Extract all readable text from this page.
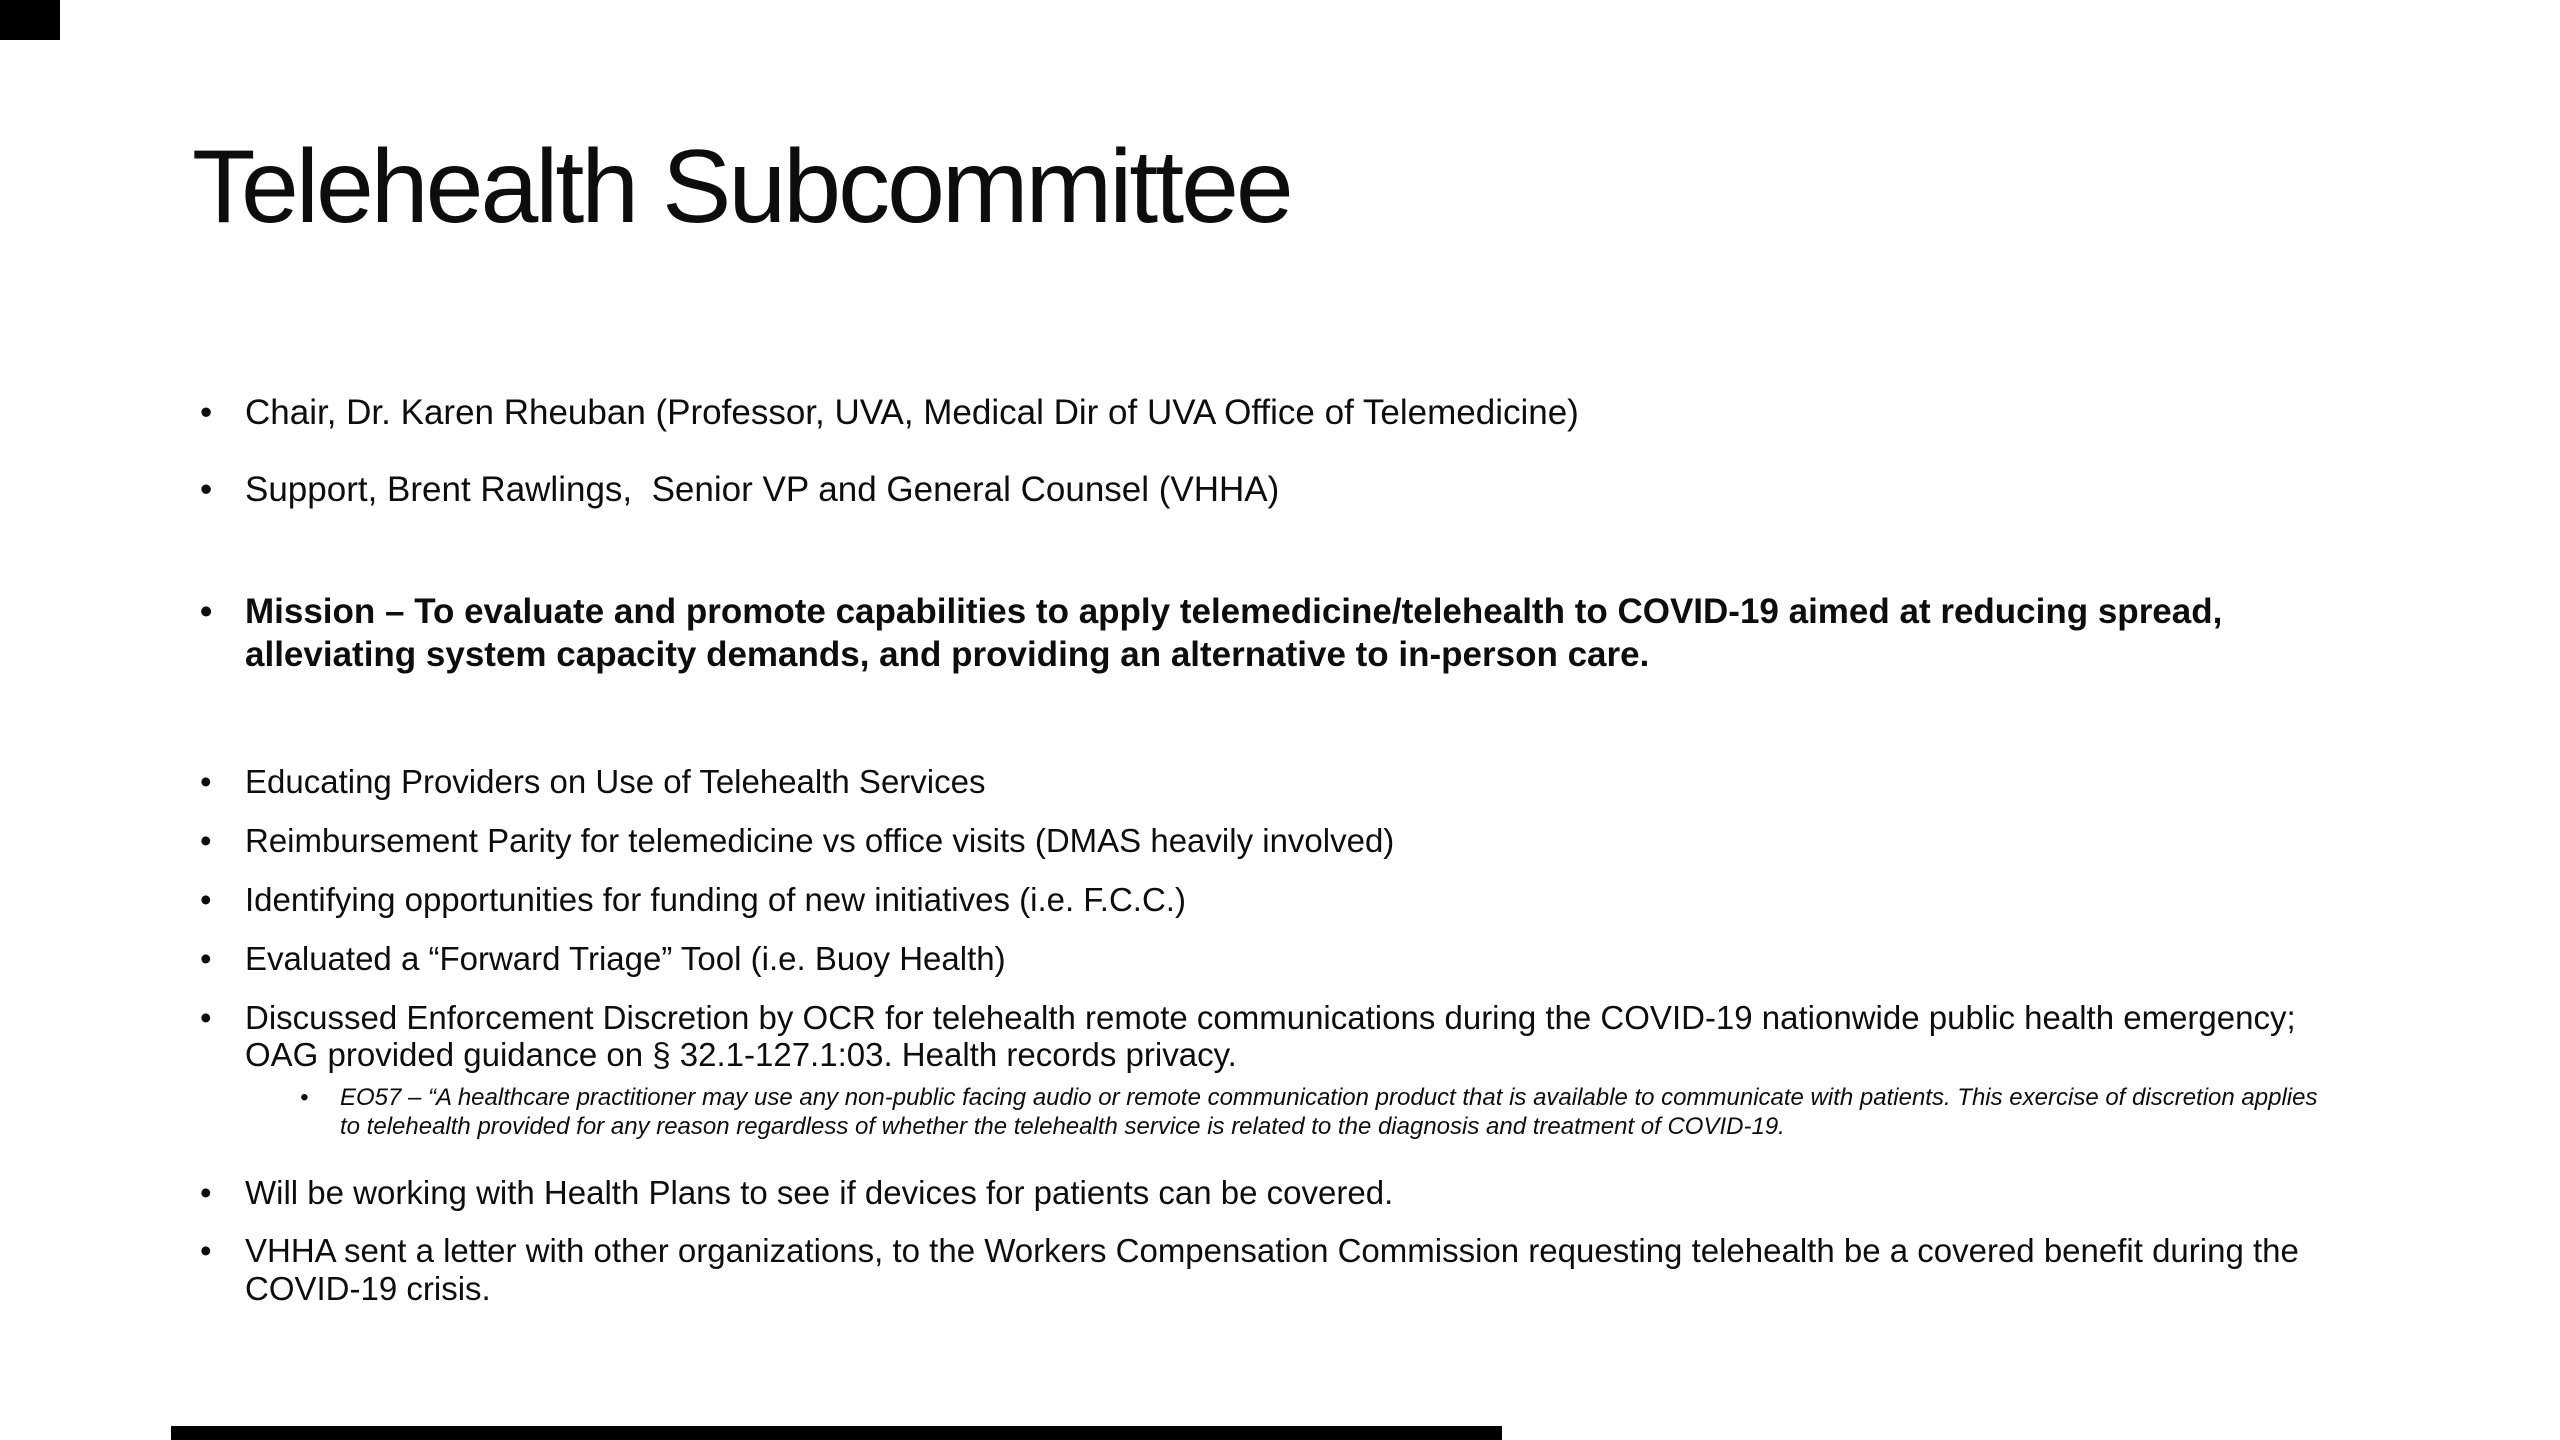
Telehealth Subcommittee
• Chair, Dr. Karen Rheuban (Professor, UVA, Medical Dir of UVA Office of Telemedicine)
• Support, Brent Rawlings,  Senior VP and General Counsel (VHHA)
• Mission – To evaluate and promote capabilities to apply telemedicine/telehealth to COVID-19 aimed at reducing spread, alleviating system capacity demands, and providing an alternative to in-person care.
•	Educating Providers on Use of Telehealth Services
•	Reimbursement Parity for telemedicine vs office visits (DMAS heavily involved)
•	Identifying opportunities for funding of new initiatives (i.e. F.C.C.)
•	Evaluated a “Forward Triage” Tool (i.e. Buoy Health)
•	Discussed Enforcement Discretion by OCR for telehealth remote communications during the COVID-19 nationwide public health emergency; OAG provided guidance on § 32.1-127.1:03. Health records privacy.
•	EO57 – “A healthcare practitioner may use any non-public facing audio or remote communication product that is available to communicate with patients. This exercise of discretion applies to telehealth provided for any reason regardless of whether the telehealth service is related to the diagnosis and treatment of COVID-19.
•	Will be working with Health Plans to see if devices for patients can be covered.
•	VHHA sent a letter with other organizations, to the Workers Compensation Commission requesting telehealth be a covered benefit during the COVID-19 crisis.
